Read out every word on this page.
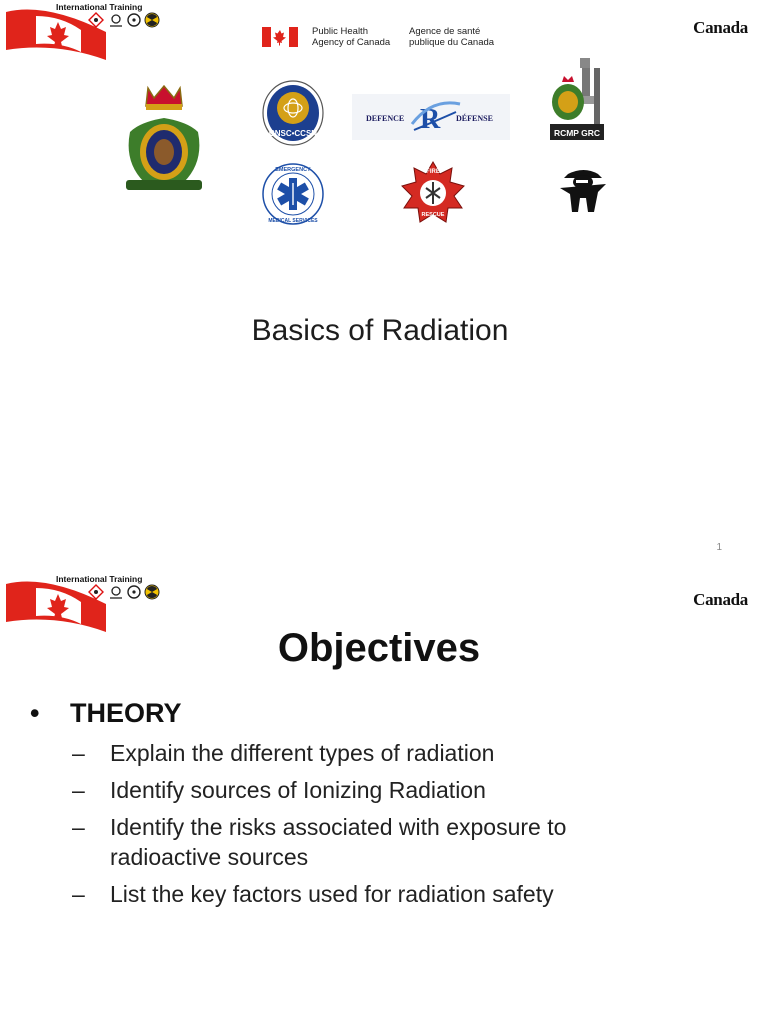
International Training
Canada
Public Health
Agency of Canada
Agence de santé
publique du Canada
CNSC•CCSN
DEFENCE	DÉFENSE
R	RCMP GRC
EMERGENCY
MEDICAL SERVICES
FIRE
RESCUE
Basics of Radiation
1
International Training
Canada
Objectives
• THEORY
– Explain the different types of radiation
– Identify sources of Ionizing Radiation
– Identify the risks associated with exposure to radioactive sources
– List the key factors used for radiation safety
